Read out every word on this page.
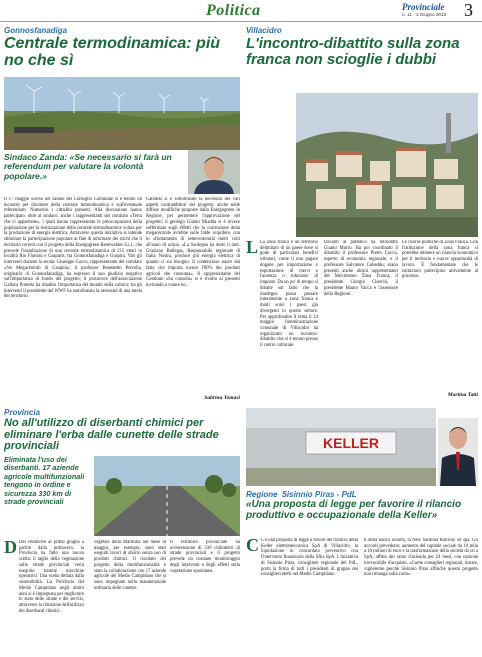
Politica	Provinciale
n. 11 - 3 Giugno 2013 3
Gonnosfanadiga
Centrale termodinamica: più no che sì
Sindaco Zanda: «Se necessario si farà un referendum per valutare la volontà popolare.»
Il 17 maggio scorso nel salone del Consiglio Comunale si è tenuto un incontro per discutere della centrale termodinamica e sull'eventuale referendum. Numerosi i cittadini presenti. Alla discussione hanno partecipato, oltre al sindaco, anche i rappresentanti del comitato «Terra che ci appartiene», i quali hanno rappresentato le preoccupazioni della popolazione per la realizzazione della centrale termodinamica voluta per la produzione di energia elettrica. Attraverso questa iniziativa si intende stimolare la partecipazione popolare al fine di informare dei rischi che il territorio correrà con il progetto della Energogreen Renewables S.r.l., che prevede l'installazione di una centrale termodinamica di 215 ettari in località Rio Flumini e Gasparis, tra Gonnosfanadiga e Guspini. Vari gli interventi durante la serata: Giuseppe Cuccu, rappresentante del comitato «No Megacentrali di Guspini»; il professor Benedetto Porcella, originario di Gonnosfanadiga, ha espresso il suo giudizio negativo sull'importanza di fondo del progetto; il portavoce dell'associazione Gallura Protetta ha ribadito l'importanza del mondo della cultura; tra gli interventi il presidente del WWF ha sottolineato la necessità di una tutela del territorio.
Cabiddu si è sottolineato la necessità dei vari aspetti contraddittori del progetto, anche nelle diffuse modifiche proposte dalla Energogreen in Regione, per permettere l'approvazione del progetto; il geologo Gianni Miadda si è invece soffermato sugli effetti che la costruzione della megacentrale avrebbe sulle falde acquifere, con lo sfruttamento di settecentomila metri cubi all'anno di acqua. «La Sardegna ha detto il dott. Graziano Bullegas, Responsabile regionale di Italia Nostra, produce più energia elettrica di quanto ci sia bisogno. Il contenzioso nasce dal fatto che importa invece l'80% dei prodotti agricoli che consuma». Il rappresentante del Comitato «Su cunsolu» si è rivolto ai presenti invitando a votare no.
Sabrina Tomasi
Villacidro
L'incontro-dibattito sulla zona franca non scioglie i dubbi
L La zona franca è un territorio delimitato di un paese dove si gode di particolari benefici tributari, come il non pagare dogane per importazione o esportazione di merci e l'assenza o riduzione di imposte. Da un po' di tempo si dibatte sul fatto che la Sardegna possa passare interamente a zona franca e molti sono i paesi già divergenti in questo settore. Per approfondire il tema il 24 maggio l'amministrazione comunale di Villacidro ha organizzato un incontro-dibattito che si è tenuto presso il centro culturale.
Davanti al pubblico ha introdotto Gianni Murru. Ha poi coordinato il dibattito il professore Pietro Cocco, esperto di economia regionale, e il professore Salvatore Cubeddu; erano presenti anche alcuni rappresentanti del Movimento Zona Franca, il presidente Giorgio Cherchi, il presidente Mauro Vacca e l'assessore della Regione.
Le risorse politiche di Zona Franca. Con l'istituzione della zona franca si potrebbe ottenere un rilancio economico per il territorio e nuove opportunità di lavoro. È fondamentale che le istituzioni partecipino attivamente al processo.
Martina Tatti
Provincia
No all'utilizzo di diserbanti chimici per eliminare l'erba dalle cunette delle strade provinciali
Eliminata l'uso dei diserbanti. 17 aziende agricole multifunzionali tengono in ordine e sicurezza 330 km di strade provinciali
D Dal ventinove al primo giugno a partire dalla primavera, la Provincia ha fatto una nuova scelta: il taglio della vegetazione sulle strade provinciali verrà eseguito tramite macchine operatrici. Una scelta dettata dalla sostenibilità. La Provincia del Medio Campidano negli ultimi anni si è impegnata per migliorare lo stato delle strade e dei servizi, attraverso la riduzione dell'utilizzo dei diserbanti chimici.
vegetale della Marmilla nel mese di maggio, per esempio, sono stati eseguiti lavori di sfalcio senza uso di prodotti chimici. Il risultato del progetto della multifunzionalità è stato la collaborazione con 17 aziende agricole del Medio Campidano che si sono impegnate nella manutenzione ordinaria delle cunette.
Il territorio provinciale ha un'estensione di 330 chilometri di strade provinciali e il progetto prevede un costante monitoraggio degli interventi e degli effetti sulla vegetazione spontanea.
KELLER
Regione Sisinnio Piras - PdL
«Una proposta di legge per favorire il rilancio produttivo e occupazionale della Keller»
C C'è una proposta di legge a favore del rilancio della Keller elettromeccanica SpA di Villacidro, la liquidazione in concordato preventivo con l'intervento finanziario della Sfirs SpA. L'iniziativa di Sisinnio Piras, consigliere regionale del PdL, porta la firma di tutti i presidenti di gruppo dei consiglieri eletti nel Medio Campidano.
ti della nuova società, la New Sardinia Railway sri spa. Gli accordi prevedono: aumento del capitale sociale da 10 mila a 10 milioni di euro e la trasformazione della società da srl a SpA; affitto del ramo d'azienda per 24 mesi, con opzione irrevocabile d'acquisto. «Come consiglieri regionali, insiste, vigileremo perché Sisinnio Piras affinché questo progetto non rimanga sulla carta».
